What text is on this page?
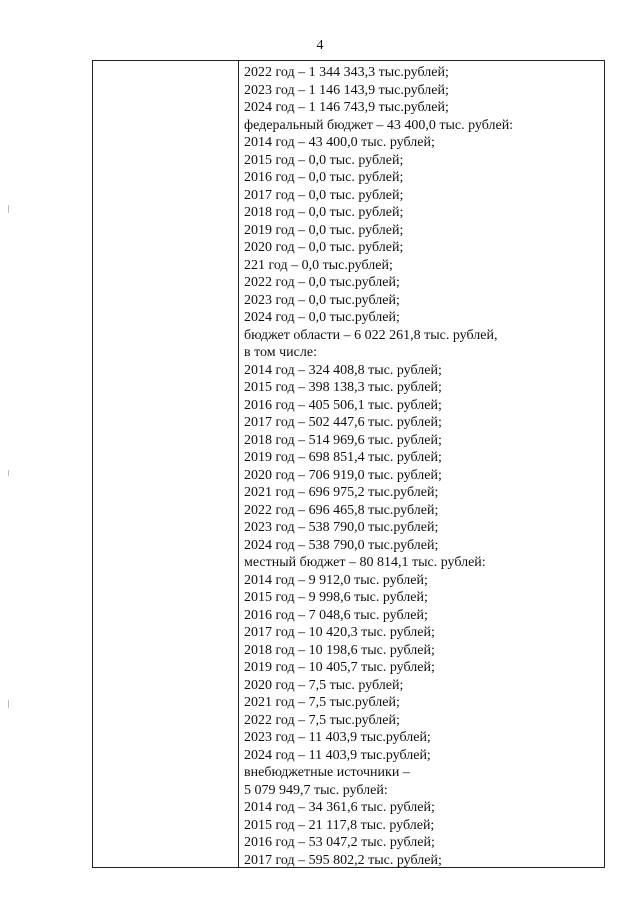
4
2022 год – 1 344 343,3 тыс.рублей;
2023 год – 1 146 143,9 тыс.рублей;
2024 год – 1 146 743,9 тыс.рублей;
федеральный бюджет – 43 400,0 тыс. рублей:
2014 год – 43 400,0 тыс. рублей;
2015 год – 0,0 тыс. рублей;
2016 год – 0,0 тыс. рублей;
2017 год – 0,0 тыс. рублей;
2018 год – 0,0 тыс. рублей;
2019 год – 0,0 тыс. рублей;
2020 год – 0,0 тыс. рублей;
221 год – 0,0 тыс.рублей;
2022 год – 0,0 тыс.рублей;
2023 год – 0,0 тыс.рублей;
2024 год – 0,0 тыс.рублей;
бюджет области – 6 022 261,8 тыс. рублей,
в том числе:
2014 год – 324 408,8 тыс. рублей;
2015 год – 398 138,3 тыс. рублей;
2016 год – 405 506,1 тыс. рублей;
2017 год – 502 447,6 тыс. рублей;
2018 год – 514 969,6 тыс. рублей;
2019 год – 698 851,4 тыс. рублей;
2020 год – 706 919,0 тыс. рублей;
2021 год – 696 975,2 тыс.рублей;
2022 год – 696 465,8 тыс.рублей;
2023 год – 538 790,0 тыс.рублей;
2024 год – 538 790,0 тыс.рублей;
местный бюджет – 80 814,1 тыс. рублей:
2014 год – 9 912,0 тыс. рублей;
2015 год – 9 998,6 тыс. рублей;
2016 год – 7 048,6 тыс. рублей;
2017 год – 10 420,3 тыс. рублей;
2018 год – 10 198,6 тыс. рублей;
2019 год – 10 405,7 тыс. рублей;
2020 год – 7,5 тыс. рублей;
2021 год – 7,5 тыс.рублей;
2022 год – 7,5 тыс.рублей;
2023 год – 11 403,9 тыс.рублей;
2024 год – 11 403,9 тыс.рублей;
внебюджетные источники –
5 079 949,7 тыс. рублей:
2014 год – 34 361,6 тыс. рублей;
2015 год – 21 117,8 тыс. рублей;
2016 год – 53 047,2 тыс. рублей;
2017 год – 595 802,2 тыс. рублей;
